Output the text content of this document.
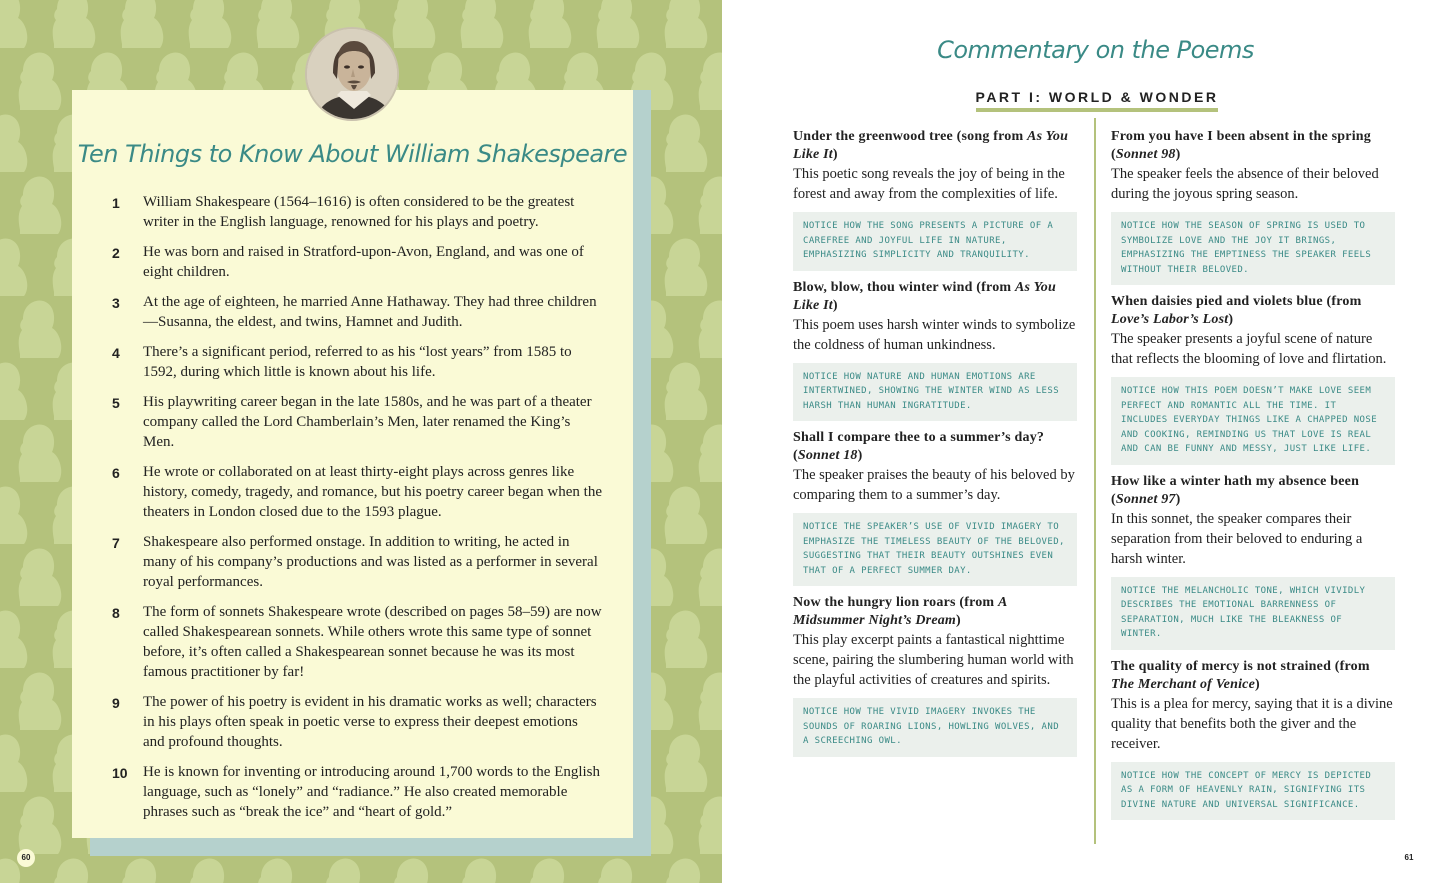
Ten Things to Know About William Shakespeare
1	William Shakespeare (1564–1616) is often considered to be the greatest writer in the English language, renowned for his plays and poetry.
2	He was born and raised in Stratford-upon-Avon, England, and was one of eight children.
3	At the age of eighteen, he married Anne Hathaway. They had three children—Susanna, the eldest, and twins, Hamnet and Judith.
4	There’s a significant period, referred to as his “lost years” from 1585 to 1592, during which little is known about his life.
5	His playwriting career began in the late 1580s, and he was part of a theater company called the Lord Chamberlain’s Men, later renamed the King’s Men.
6	He wrote or collaborated on at least thirty-eight plays across genres like history, comedy, tragedy, and romance, but his poetry career began when the theaters in London closed due to the 1593 plague.
7	Shakespeare also performed onstage. In addition to writing, he acted in many of his company’s productions and was listed as a performer in several royal performances.
8	The form of sonnets Shakespeare wrote (described on pages 58–59) are now called Shakespearean sonnets. While others wrote this same type of sonnet before, it’s often called a Shakespearean sonnet because he was its most famous practitioner by far!
9	The power of his poetry is evident in his dramatic works as well; characters in his plays often speak in poetic verse to express their deepest emotions and profound thoughts.
10	He is known for inventing or introducing around 1,700 words to the English language, such as “lonely” and “radiance.” He also created memorable phrases such as “break the ice” and “heart of gold.”
60
Commentary on the Poems
PART I: WORLD & WONDER
Under the greenwood tree (song from As You Like It)
This poetic song reveals the joy of being in the forest and away from the complexities of life.
NOTICE HOW THE SONG PRESENTS A PICTURE OF A CAREFREE AND JOYFUL LIFE IN NATURE, EMPHASIZING SIMPLICITY AND TRANQUILITY.
Blow, blow, thou winter wind (from As You Like It)
This poem uses harsh winter winds to symbolize the coldness of human unkindness.
NOTICE HOW NATURE AND HUMAN EMOTIONS ARE INTERTWINED, SHOWING THE WINTER WIND AS LESS HARSH THAN HUMAN INGRATITUDE.
Shall I compare thee to a summer’s day? (Sonnet 18)
The speaker praises the beauty of his beloved by comparing them to a summer’s day.
NOTICE THE SPEAKER’S USE OF VIVID IMAGERY TO EMPHASIZE THE TIMELESS BEAUTY OF THE BELOVED, SUGGESTING THAT THEIR BEAUTY OUTSHINES EVEN THAT OF A PERFECT SUMMER DAY.
Now the hungry lion roars (from A Midsummer Night’s Dream)
This play excerpt paints a fantastical nighttime scene, pairing the slumbering human world with the playful activities of creatures and spirits.
NOTICE HOW THE VIVID IMAGERY INVOKES THE SOUNDS OF ROARING LIONS, HOWLING WOLVES, AND A SCREECHING OWL.
From you have I been absent in the spring (Sonnet 98)
The speaker feels the absence of their beloved during the joyous spring season.
NOTICE HOW THE SEASON OF SPRING IS USED TO SYMBOLIZE LOVE AND THE JOY IT BRINGS, EMPHASIZING THE EMPTINESS THE SPEAKER FEELS WITHOUT THEIR BELOVED.
When daisies pied and violets blue (from Love’s Labor’s Lost)
The speaker presents a joyful scene of nature that reflects the blooming of love and flirtation.
NOTICE HOW THIS POEM DOESN’T MAKE LOVE SEEM PERFECT AND ROMANTIC ALL THE TIME. IT INCLUDES EVERYDAY THINGS LIKE A CHAPPED NOSE AND COOKING, REMINDING US THAT LOVE IS REAL AND CAN BE FUNNY AND MESSY, JUST LIKE LIFE.
How like a winter hath my absence been (Sonnet 97)
In this sonnet, the speaker compares their separation from their beloved to enduring a harsh winter.
NOTICE THE MELANCHOLIC TONE, WHICH VIVIDLY DESCRIBES THE EMOTIONAL BARRENNESS OF SEPARATION, MUCH LIKE THE BLEAKNESS OF WINTER.
The quality of mercy is not strained (from The Merchant of Venice)
This is a plea for mercy, saying that it is a divine quality that benefits both the giver and the receiver.
NOTICE HOW THE CONCEPT OF MERCY IS DEPICTED AS A FORM OF HEAVENLY RAIN, SIGNIFYING ITS DIVINE NATURE AND UNIVERSAL SIGNIFICANCE.
61
